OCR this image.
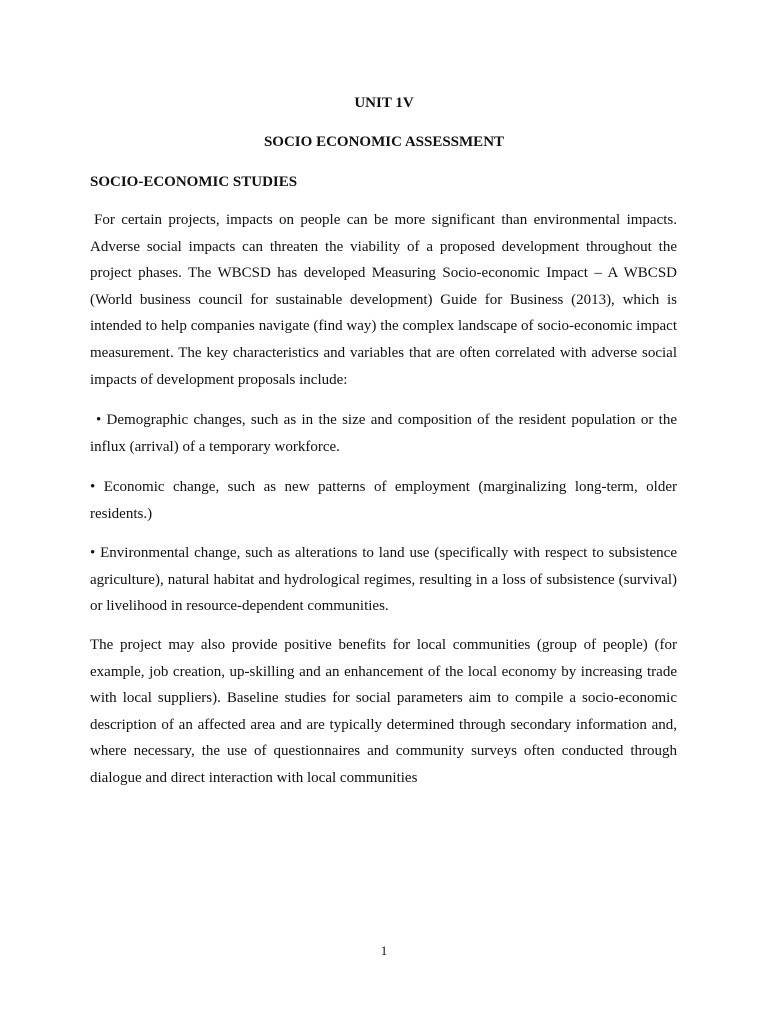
UNIT 1V
SOCIO ECONOMIC ASSESSMENT
SOCIO-ECONOMIC STUDIES

For certain projects, impacts on people can be more significant than environmental impacts. Adverse social impacts can threaten the viability of a proposed development throughout the project phases. The WBCSD has developed Measuring Socio-economic Impact – A WBCSD (World business council for sustainable development) Guide for Business (2013), which is intended to help companies navigate (find way) the complex landscape of socio-economic impact measurement. The key characteristics and variables that are often correlated with adverse social impacts of development proposals include:

• Demographic changes, such as in the size and composition of the resident population or the influx (arrival) of a temporary workforce.

• Economic change, such as new patterns of employment (marginalizing long-term, older residents.)

• Environmental change, such as alterations to land use (specifically with respect to subsistence agriculture), natural habitat and hydrological regimes, resulting in a loss of subsistence (survival) or livelihood in resource-dependent communities.

The project may also provide positive benefits for local communities (group of people) (for example, job creation, up-skilling and an enhancement of the local economy by increasing trade with local suppliers). Baseline studies for social parameters aim to compile a socio-economic description of an affected area and are typically determined through secondary information and, where necessary, the use of questionnaires and community surveys often conducted through dialogue and direct interaction with local communities

1
